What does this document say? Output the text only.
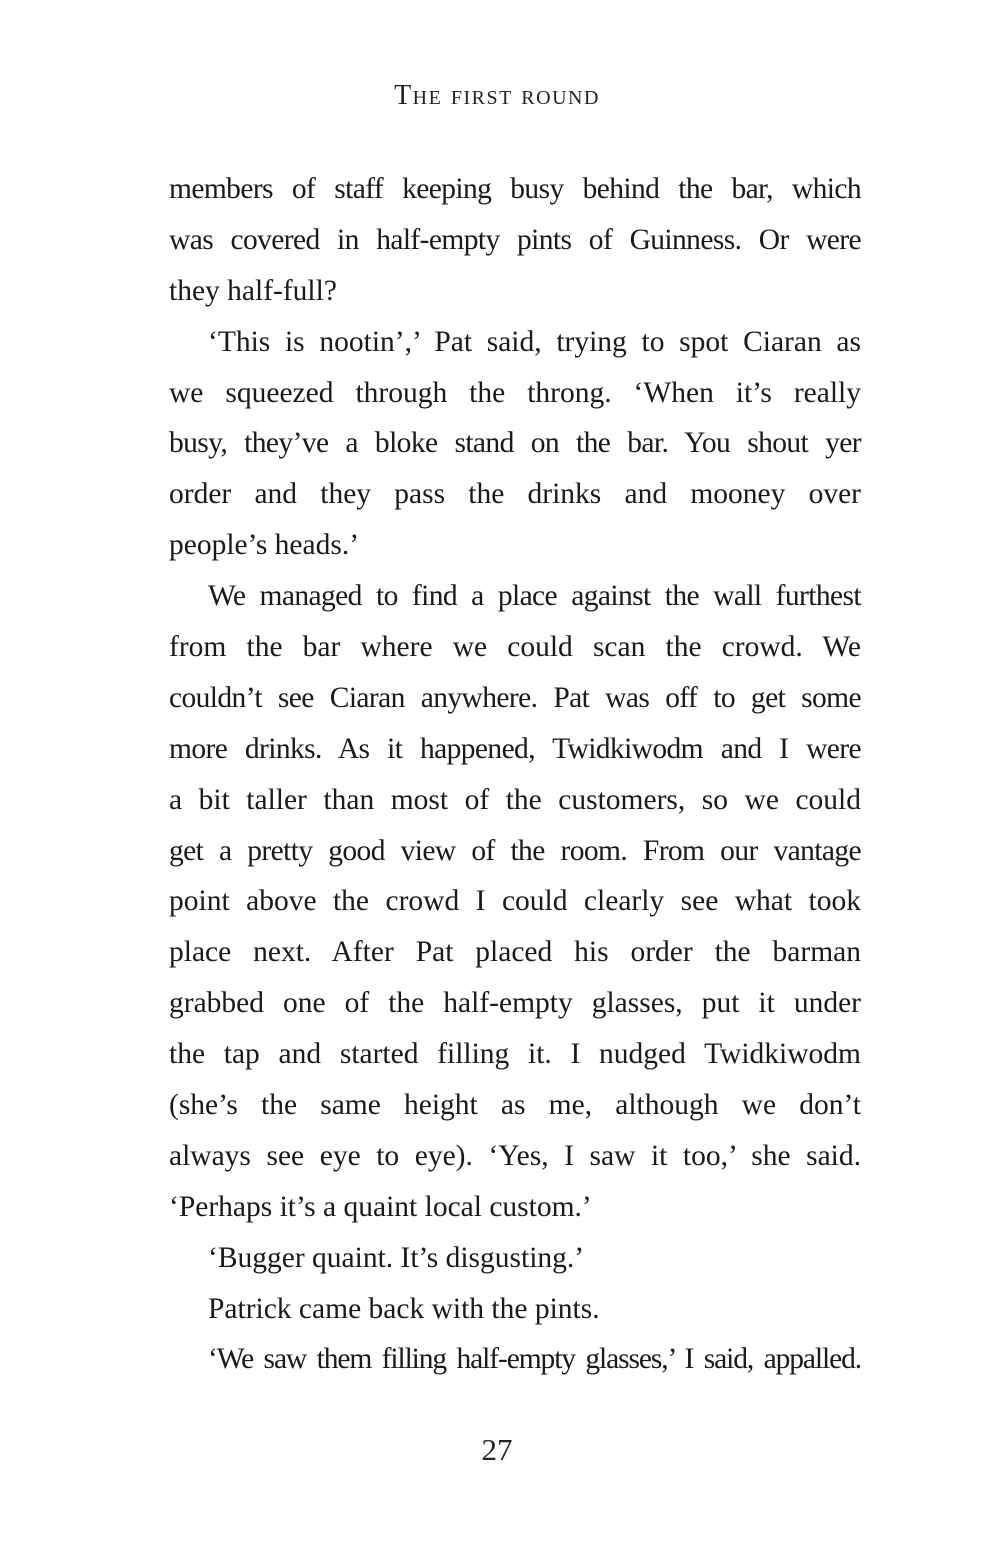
The first round
members of staff keeping busy behind the bar, which
was covered in half-empty pints of Guinness. Or were
they half-full?
‘This is nootin’,’ Pat said, trying to spot Ciaran as
we squeezed through the throng. ‘When it’s really
busy, they’ve a bloke stand on the bar. You shout yer
order and they pass the drinks and mooney over
people’s heads.’
We managed to find a place against the wall furthest
from the bar where we could scan the crowd. We
couldn’t see Ciaran anywhere. Pat was off to get some
more drinks. As it happened, Twidkiwodm and I were
a bit taller than most of the customers, so we could
get a pretty good view of the room. From our vantage
point above the crowd I could clearly see what took
place next. After Pat placed his order the barman
grabbed one of the half-empty glasses, put it under
the tap and started filling it. I nudged Twidkiwodm
(she’s the same height as me, although we don’t
always see eye to eye). ‘Yes, I saw it too,’ she said.
‘Perhaps it’s a quaint local custom.’
‘Bugger quaint. It’s disgusting.’
Patrick came back with the pints.
‘We saw them filling half-empty glasses,’ I said, appalled.
27
